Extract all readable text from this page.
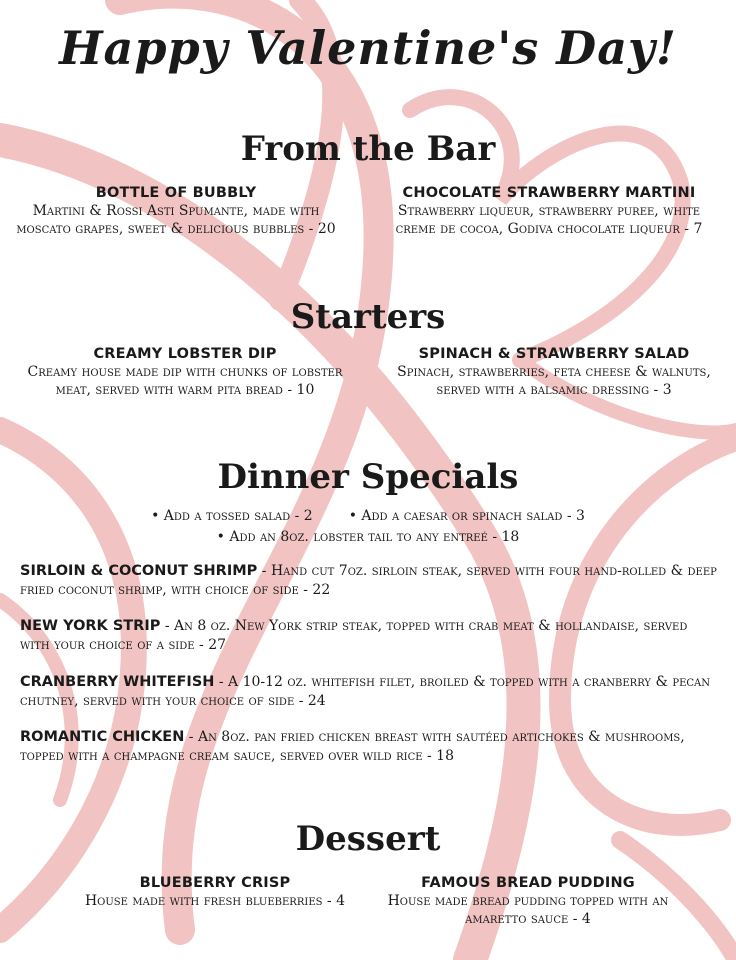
Happy Valentine's Day!
From the Bar
BOTTLE OF BUBBLY
Martini & Rossi Asti Spumante, made with moscato grapes, sweet & delicious bubbles - 20
CHOCOLATE STRAWBERRY MARTINI
Strawberry liqueur, strawberry puree, white creme de cocoa, Godiva chocolate liqueur - 7
Starters
CREAMY LOBSTER DIP
Creamy house made dip with chunks of lobster meat, served with warm pita bread - 10
SPINACH & STRAWBERRY SALAD
Spinach, strawberries, feta cheese & walnuts, served with a balsamic dressing - 3
Dinner Specials
• Add a tossed salad - 2	• Add a caesar or spinach salad - 3
• Add an 8oz. lobster tail to any entreé - 18
SIRLOIN & COCONUT SHRIMP - Hand cut 7oz. sirloin steak, served with four hand-rolled & deep fried coconut shrimp, with choice of side - 22
NEW YORK STRIP - An 8 oz. New York strip steak, topped with crab meat & hollandaise, served with your choice of a side - 27
CRANBERRY WHITEFISH - A 10-12 oz. whitefish filet, broiled & topped with a cranberry & pecan chutney, served with your choice of side - 24
ROMANTIC CHICKEN - An 8oz. pan fried chicken breast with sautéed artichokes & mushrooms, topped with a champagne cream sauce, served over wild rice - 18
Dessert
BLUEBERRY CRISP
House made with fresh blueberries - 4
FAMOUS BREAD PUDDING
House made bread pudding topped with an amaretto sauce - 4
